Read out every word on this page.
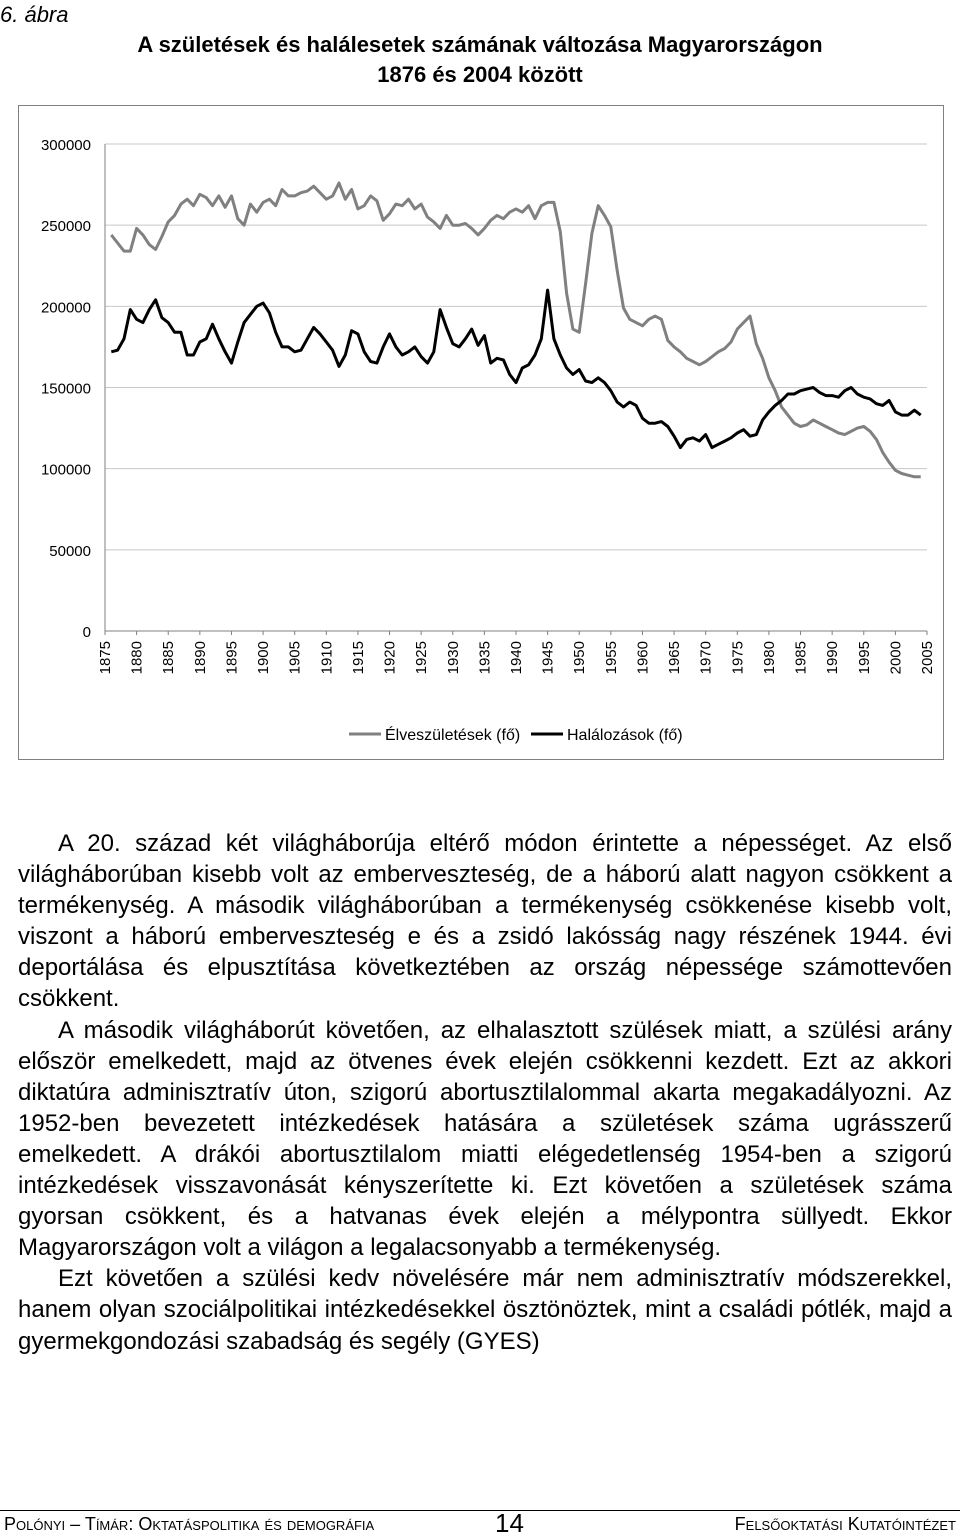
6. ábra
A születések és halálesetek számának változása Magyarországon
1876 és 2004 között
0
50000
100000
150000
200000
250000
300000
1875 1880 1885 1890 1895 1900 1905 1910 1915 1920 1925 1930 1935 1940 1945 1950 1955 1960 1965 1970 1975 1980 1985 1990 1995 2000 2005
Élveszületések (fő)	Halálozások (fő)

A 20. század két világháborúja eltérő módon érintette a népességet. Az első világháborúban kisebb volt az emberveszteség, de a háború alatt nagyon csökkent a termékenység. A második világháborúban a termékenység csökkenése kisebb volt, viszont a háború emberveszteség e és a zsidó lakósság nagy részének 1944. évi deportálása és elpusztítása következtében az ország népessége számottevően csökkent.

A második világháborút követően, az elhalasztott szülések miatt, a szülési arány először emelkedett, majd az ötvenes évek elején csökkenni kezdett. Ezt az akkori diktatúra adminisztratív úton, szigorú abortusztilalommal akarta megakadályozni. Az 1952-ben bevezetett intézkedések hatására a születések száma ugrásszerű emelkedett. A drákói abortusztilalom miatti elégedetlenség 1954-ben a szigorú intézkedések visszavonását kényszerítette ki. Ezt követően a születések száma gyorsan csökkent, és a hatvanas évek elején a mélypontra süllyedt. Ekkor Magyarországon volt a világon a legalacsonyabb a termékenység.

Ezt követően a szülési kedv növelésére már nem adminisztratív módszerekkel, hanem olyan szociálpolitikai intézkedésekkel ösztönöztek, mint a családi pótlék, majd a gyermekgondozási szabadság és segély (GYES)

Polónyi – Tímár: Oktatáspolitika és demográfia	14	Felsőoktatási Kutatóintézet
